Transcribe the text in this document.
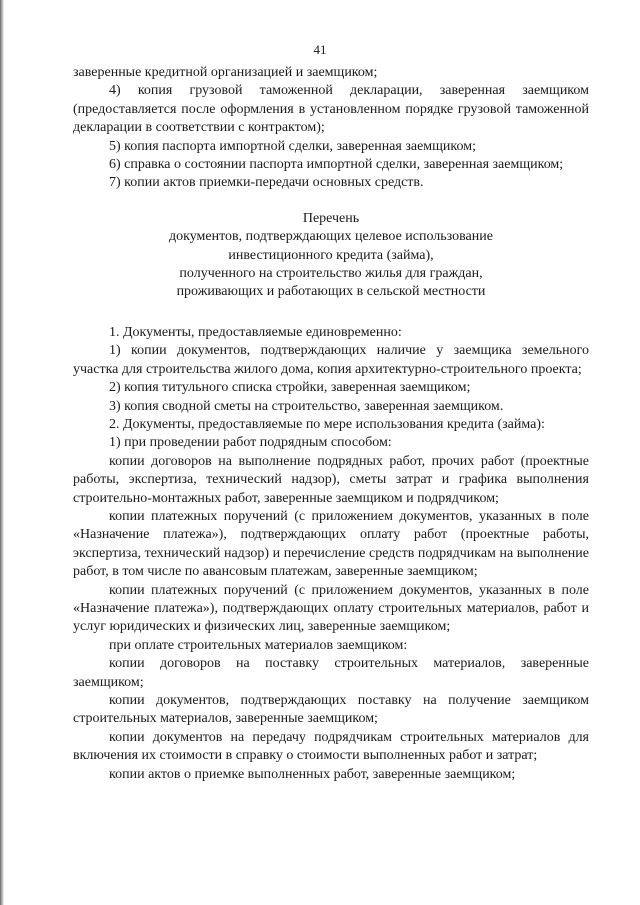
41

заверенные кредитной организацией и заемщиком;

4) копия грузовой таможенной декларации, заверенная заемщиком (предоставляется после оформления в установленном порядке грузовой таможенной декларации в соответствии с контрактом);

5) копия паспорта импортной сделки, заверенная заемщиком;

6) справка о состоянии паспорта импортной сделки, заверенная заемщиком;

7) копии актов приемки-передачи основных средств.

Перечень
документов, подтверждающих целевое использование
инвестиционного кредита (займа),
полученного на строительство жилья для граждан,
проживающих и работающих в сельской местности

1. Документы, предоставляемые единовременно:

1) копии документов, подтверждающих наличие у заемщика земельного участка для строительства жилого дома, копия архитектурно-строительного проекта;

2) копия титульного списка стройки, заверенная заемщиком;

3) копия сводной сметы на строительство, заверенная заемщиком.

2. Документы, предоставляемые по мере использования кредита (займа):

1) при проведении работ подрядным способом:

копии договоров на выполнение подрядных работ, прочих работ (проектные работы, экспертиза, технический надзор), сметы затрат и графика выполнения строительно-монтажных работ, заверенные заемщиком и подрядчиком;

копии платежных поручений (с приложением документов, указанных в поле «Назначение платежа»), подтверждающих оплату работ (проектные работы, экспертиза, технический надзор) и перечисление средств подрядчикам на выполнение работ, в том числе по авансовым платежам, заверенные заемщиком;

копии платежных поручений (с приложением документов, указанных в поле «Назначение платежа»), подтверждающих оплату строительных материалов, работ и услуг юридических и физических лиц, заверенные заемщиком;

при оплате строительных материалов заемщиком:

копии договоров на поставку строительных материалов, заверенные заемщиком;

копии документов, подтверждающих поставку на получение заемщиком строительных материалов, заверенные заемщиком;

копии документов на передачу подрядчикам строительных материалов для включения их стоимости в справку о стоимости выполненных работ и затрат;

копии актов о приемке выполненных работ, заверенные заемщиком;
